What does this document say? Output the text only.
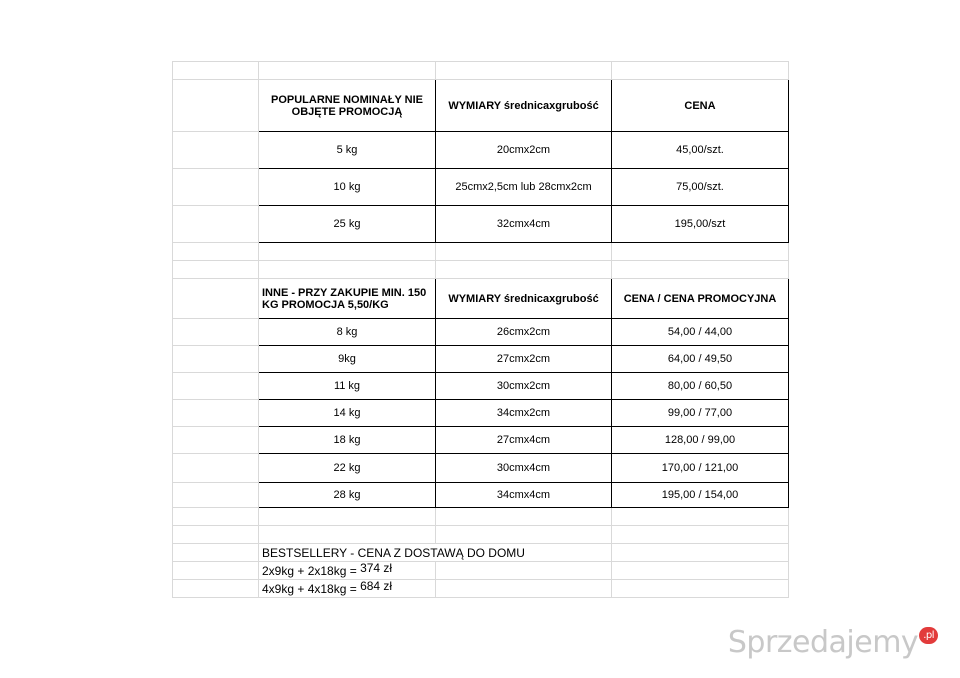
	POPULARNE NOMINAŁY NIE OBJĘTE PROMOCJĄ	WYMIARY średnicaxgrubość	CENA
	5 kg	20cmx2cm	45,00/szt.
	10 kg	25cmx2,5cm lub 28cmx2cm	75,00/szt.
	25 kg	32cmx4cm	195,00/szt

	INNE - PRZY ZAKUPIE MIN. 150 KG PROMOCJA 5,50/KG	WYMIARY średnicaxgrubość	CENA / CENA PROMOCYJNA
	8 kg	26cmx2cm	54,00 / 44,00
	9kg	27cmx2cm	64,00 / 49,50
	11 kg	30cmx2cm	80,00 / 60,50
	14 kg	34cmx2cm	99,00 / 77,00
	18 kg	27cmx4cm	128,00 / 99,00
	22 kg	30cmx4cm	170,00 / 121,00
	28 kg	34cmx4cm	195,00 / 154,00

	BESTSELLERY - CENA Z DOSTAWĄ DO DOMU		
	2x9kg + 2x18kg = 374 zł		
	4x9kg + 4x18kg = 684 zł		
Sprzedajemy .pl
